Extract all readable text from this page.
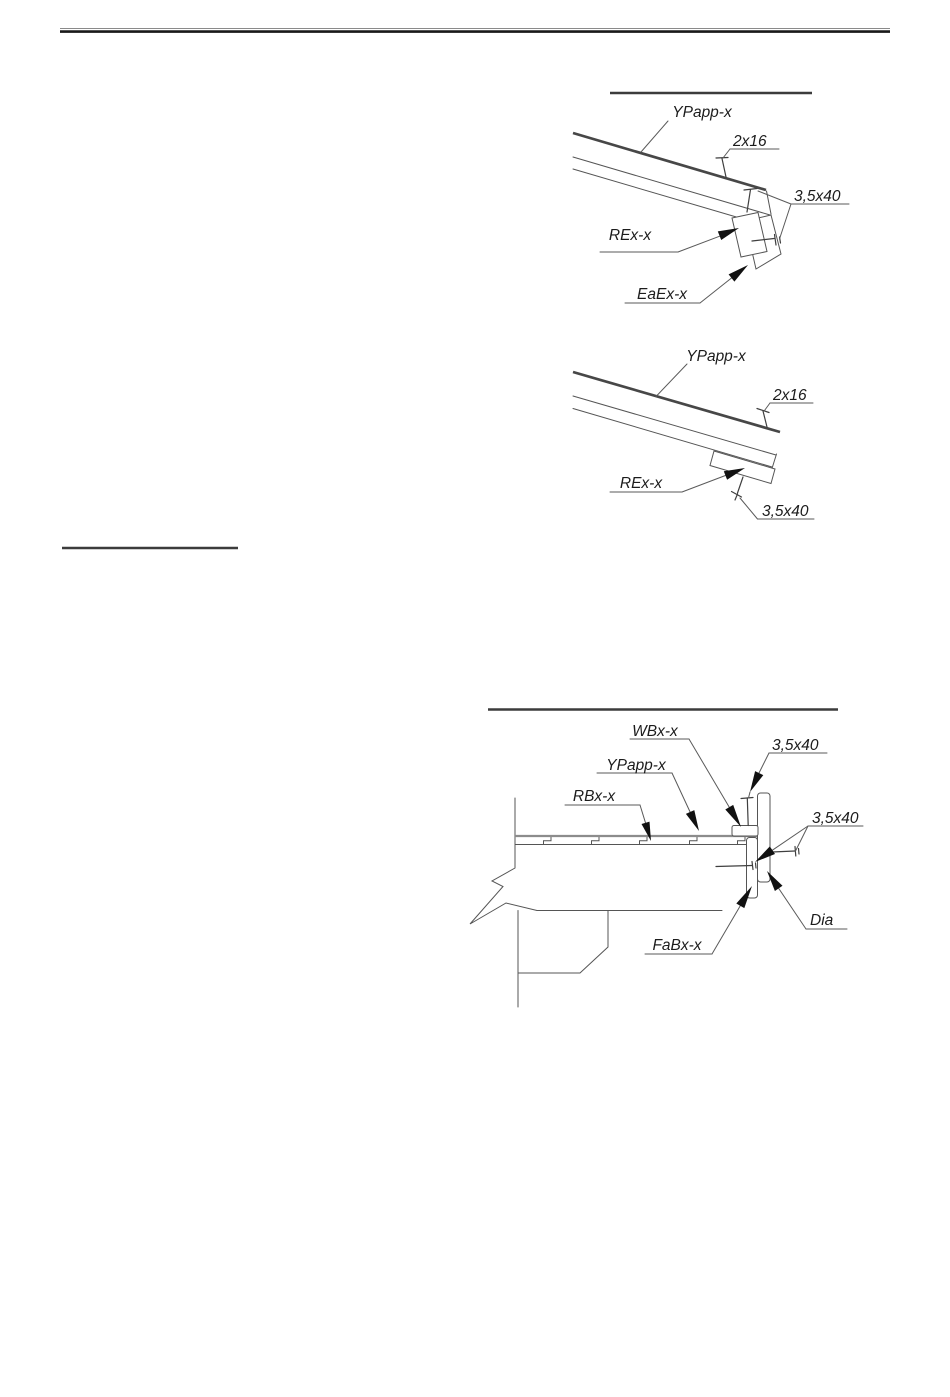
YPapp-x
2x16
3,5x40
REx-x
EaEx-x
YPapp-x
2x16
REx-x
3,5x40
WBx-x
3,5x40
YPapp-x
RBx-x
3,5x40
Dia
FaBx-x
